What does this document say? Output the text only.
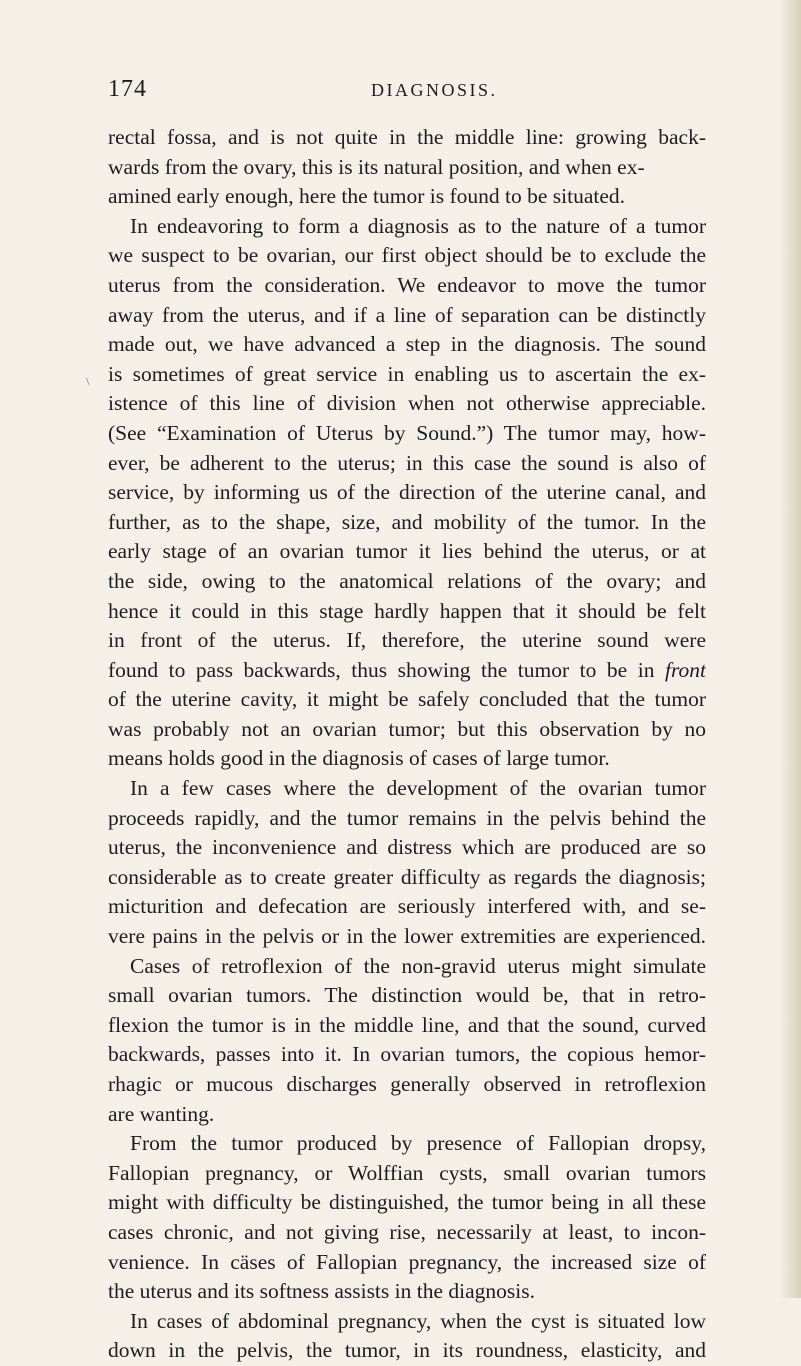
174	DIAGNOSIS.
\
rectal fossa, and is not quite in the middle line: growing back-
wards from the ovary, this is its natural position, and when ex-
amined early enough, here the tumor is found to be situated.
In endeavoring to form a diagnosis as to the nature of a tumor
we suspect to be ovarian, our first object should be to exclude the
uterus from the consideration. We endeavor to move the tumor
away from the uterus, and if a line of separation can be distinctly
made out, we have advanced a step in the diagnosis. The sound
is sometimes of great service in enabling us to ascertain the ex-
istence of this line of division when not otherwise appreciable.
(See “Examination of Uterus by Sound.”) The tumor may, how-
ever, be adherent to the uterus; in this case the sound is also of
service, by informing us of the direction of the uterine canal, and
further, as to the shape, size, and mobility of the tumor. In the
early stage of an ovarian tumor it lies behind the uterus, or at
the side, owing to the anatomical relations of the ovary; and
hence it could in this stage hardly happen that it should be felt
in front of the uterus. If, therefore, the uterine sound were
found to pass backwards, thus showing the tumor to be in front
of the uterine cavity, it might be safely concluded that the tumor
was probably not an ovarian tumor; but this observation by no
means holds good in the diagnosis of cases of large tumor.
In a few cases where the development of the ovarian tumor
proceeds rapidly, and the tumor remains in the pelvis behind the
uterus, the inconvenience and distress which are produced are so
considerable as to create greater difficulty as regards the diagnosis;
micturition and defecation are seriously interfered with, and se-
vere pains in the pelvis or in the lower extremities are experienced.
Cases of retroflexion of the non-gravid uterus might simulate
small ovarian tumors. The distinction would be, that in retro-
flexion the tumor is in the middle line, and that the sound, curved
backwards, passes into it. In ovarian tumors, the copious hemor-
rhagic or mucous discharges generally observed in retroflexion
are wanting.
From the tumor produced by presence of Fallopian dropsy,
Fallopian pregnancy, or Wolffian cysts, small ovarian tumors
might with difficulty be distinguished, the tumor being in all these
cases chronic, and not giving rise, necessarily at least, to incon-
venience. In cäses of Fallopian pregnancy, the increased size of
the uterus and its softness assists in the diagnosis.
In cases of abdominal pregnancy, when the cyst is situated low
down in the pelvis, the tumor, in its roundness, elasticity, and
